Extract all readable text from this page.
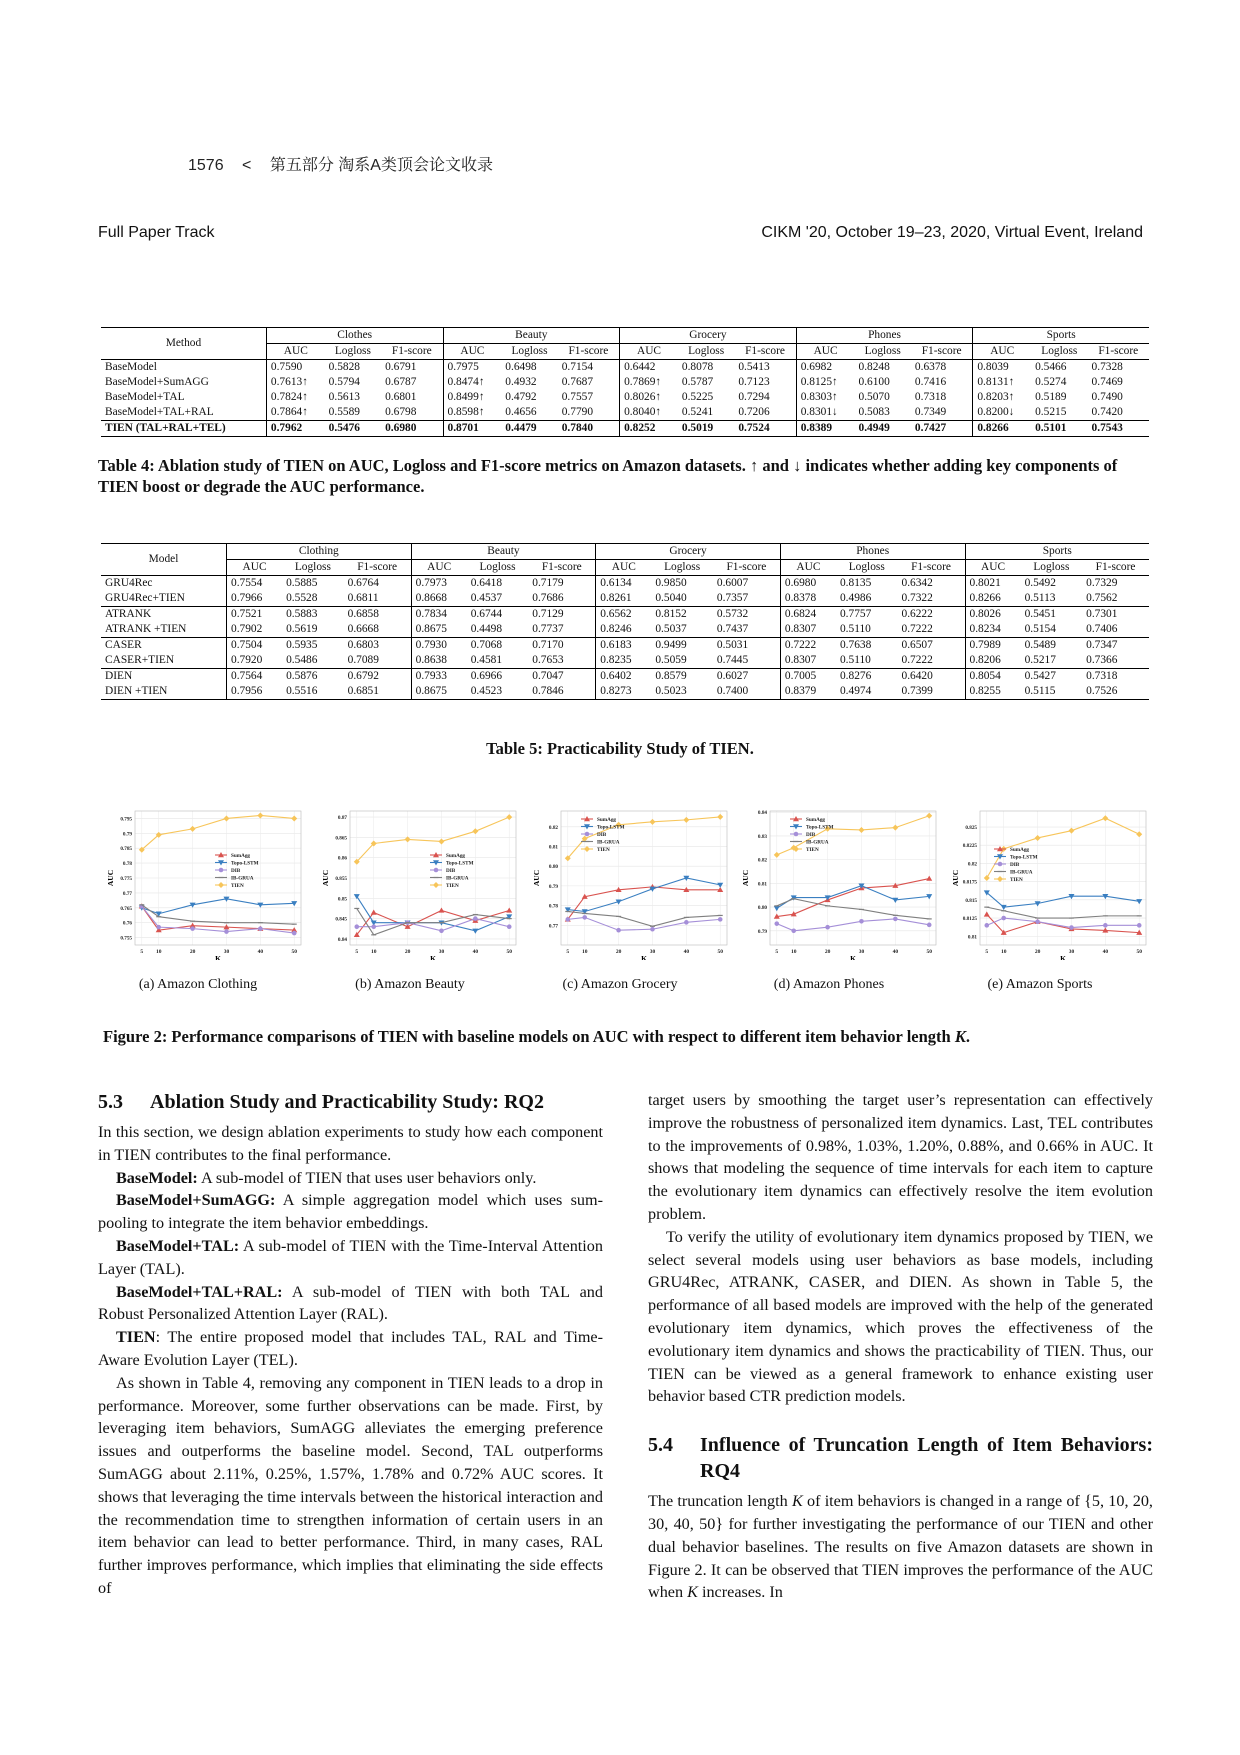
1576 < 第五部分 淘系A类顶会论文收录
Full Paper Track	CIKM '20, October 19–23, 2020, Virtual Event, Ireland
Method	Clothes			Beauty			Grocery			Phones			Sports		
	AUC	Logloss	F1-score	AUC	Logloss	F1-score	AUC	Logloss	F1-score	AUC	Logloss	F1-score	AUC	Logloss	F1-score
BaseModel	0.7590	0.5828	0.6791	0.7975	0.6498	0.7154	0.6442	0.8078	0.5413	0.6982	0.8248	0.6378	0.8039	0.5466	0.7328
BaseModel+SumAGG	0.7613↑	0.5794	0.6787	0.8474↑	0.4932	0.7687	0.7869↑	0.5787	0.7123	0.8125↑	0.6100	0.7416	0.8131↑	0.5274	0.7469
BaseModel+TAL	0.7824↑	0.5613	0.6801	0.8499↑	0.4792	0.7557	0.8026↑	0.5225	0.7294	0.8303↑	0.5070	0.7318	0.8203↑	0.5189	0.7490
BaseModel+TAL+RAL	0.7864↑	0.5589	0.6798	0.8598↑	0.4656	0.7790	0.8040↑	0.5241	0.7206	0.8301↓	0.5083	0.7349	0.8200↓	0.5215	0.7420
TIEN (TAL+RAL+TEL)	0.7962	0.5476	0.6980	0.8701	0.4479	0.7840	0.8252	0.5019	0.7524	0.8389	0.4949	0.7427	0.8266	0.5101	0.7543
Table 4: Ablation study of TIEN on AUC, Logloss and F1-score metrics on Amazon datasets. ↑ and ↓ indicates whether adding key components of TIEN boost or degrade the AUC performance.
Model	Clothing			Beauty			Grocery			Phones			Sports		
	AUC	Logloss	F1-score	AUC	Logloss	F1-score	AUC	Logloss	F1-score	AUC	Logloss	F1-score	AUC	Logloss	F1-score
GRU4Rec	0.7554	0.5885	0.6764	0.7973	0.6418	0.7179	0.6134	0.9850	0.6007	0.6980	0.8135	0.6342	0.8021	0.5492	0.7329
GRU4Rec+TIEN	0.7966	0.5528	0.6811	0.8668	0.4537	0.7686	0.8261	0.5040	0.7357	0.8378	0.4986	0.7322	0.8266	0.5113	0.7562
ATRANK	0.7521	0.5883	0.6858	0.7834	0.6744	0.7129	0.6562	0.8152	0.5732	0.6824	0.7757	0.6222	0.8026	0.5451	0.7301
ATRANK +TIEN	0.7902	0.5619	0.6668	0.8675	0.4498	0.7737	0.8246	0.5037	0.7437	0.8307	0.5110	0.7222	0.8234	0.5154	0.7406
CASER	0.7504	0.5935	0.6803	0.7930	0.7068	0.7170	0.6183	0.9499	0.5031	0.7222	0.7638	0.6507	0.7989	0.5489	0.7347
CASER+TIEN	0.7920	0.5486	0.7089	0.8638	0.4581	0.7653	0.8235	0.5059	0.7445	0.8307	0.5110	0.7222	0.8206	0.5217	0.7366
DIEN	0.7564	0.5876	0.6792	0.7933	0.6966	0.7047	0.6402	0.8579	0.6027	0.7005	0.8276	0.6420	0.8054	0.5427	0.7318
DIEN +TIEN	0.7956	0.5516	0.6851	0.8675	0.4523	0.7846	0.8273	0.5023	0.7400	0.8379	0.4974	0.7399	0.8255	0.5115	0.7526
Table 5: Practicability Study of TIEN.
0.755
0.76
0.765
0.77
0.775
0.78
0.785
0.79
0.795
5 10	20	30	40	50
K
AUC
SumAgg
Topo-LSTM
DIB
IB-GRUA
TIEN
(a) Amazon Clothing
0.84
0.845
0.85
0.855
0.86
0.865
0.87
5 10	20	30	40	50
K
AUC
SumAgg
Topo-LSTM
DIB
IB-GRUA
TIEN
(b) Amazon Beauty
0.77
0.78
0.79
0.80
0.81
0.82
5 10	20	30	40	50
K
AUC
SumAgg
Topo-LSTM
DIB
IB-GRUA
TIEN
(c) Amazon Grocery
0.79
0.80
0.81
0.82
0.83
0.84
5 10	20	30	40	50
K
AUC
SumAgg
Topo-LSTM
DIB
IB-GRUA
TIEN
(d) Amazon Phones
0.81
0.8125
0.815
0.8175
0.82
0.8225
0.825
5 10	20	30	40	50
K
AUC
SumAgg
Topo-LSTM
DIB
IB-GRUA
TIEN
(e) Amazon Sports
Figure 2: Performance comparisons of TIEN with baseline models on AUC with respect to different item behavior length K.
5.3	Ablation Study and Practicability Study: RQ2

In this section, we design ablation experiments to study how each component in TIEN contributes to the final performance.

BaseModel: A sub-model of TIEN that uses user behaviors only.

BaseModel+SumAGG: A simple aggregation model which uses sum-pooling to integrate the item behavior embeddings.

BaseModel+TAL: A sub-model of TIEN with the Time-Interval Attention Layer (TAL).

BaseModel+TAL+RAL: A sub-model of TIEN with both TAL and Robust Personalized Attention Layer (RAL).

TIEN: The entire proposed model that includes TAL, RAL and Time-Aware Evolution Layer (TEL).

As shown in Table 4, removing any component in TIEN leads to a drop in performance. Moreover, some further observations can be made. First, by leveraging item behaviors, SumAGG alleviates the emerging preference issues and outperforms the baseline model. Second, TAL outperforms SumAGG about 2.11%, 0.25%, 1.57%, 1.78% and 0.72% AUC scores. It shows that leveraging the time intervals between the historical interaction and the recommendation time to strengthen information of certain users in an item behavior can lead to better performance. Third, in many cases, RAL further improves performance, which implies that eliminating the side effects of

target users by smoothing the target user’s representation can effectively improve the robustness of personalized item dynamics. Last, TEL contributes to the improvements of 0.98%, 1.03%, 1.20%, 0.88%, and 0.66% in AUC. It shows that modeling the sequence of time intervals for each item to capture the evolutionary item dynamics can effectively resolve the item evolution problem.

To verify the utility of evolutionary item dynamics proposed by TIEN, we select several models using user behaviors as base models, including GRU4Rec, ATRANK, CASER, and DIEN. As shown in Table 5, the performance of all based models are improved with the help of the generated evolutionary item dynamics, which proves the effectiveness of the evolutionary item dynamics and shows the practicability of TIEN. Thus, our TIEN can be viewed as a general framework to enhance existing user behavior based CTR prediction models.

5.4	Influence of Truncation Length of Item Behaviors: RQ4

The truncation length K of item behaviors is changed in a range of {5, 10, 20, 30, 40, 50} for further investigating the performance of our TIEN and other dual behavior baselines. The results on five Amazon datasets are shown in Figure 2. It can be observed that TIEN improves the performance of the AUC when K increases. In
